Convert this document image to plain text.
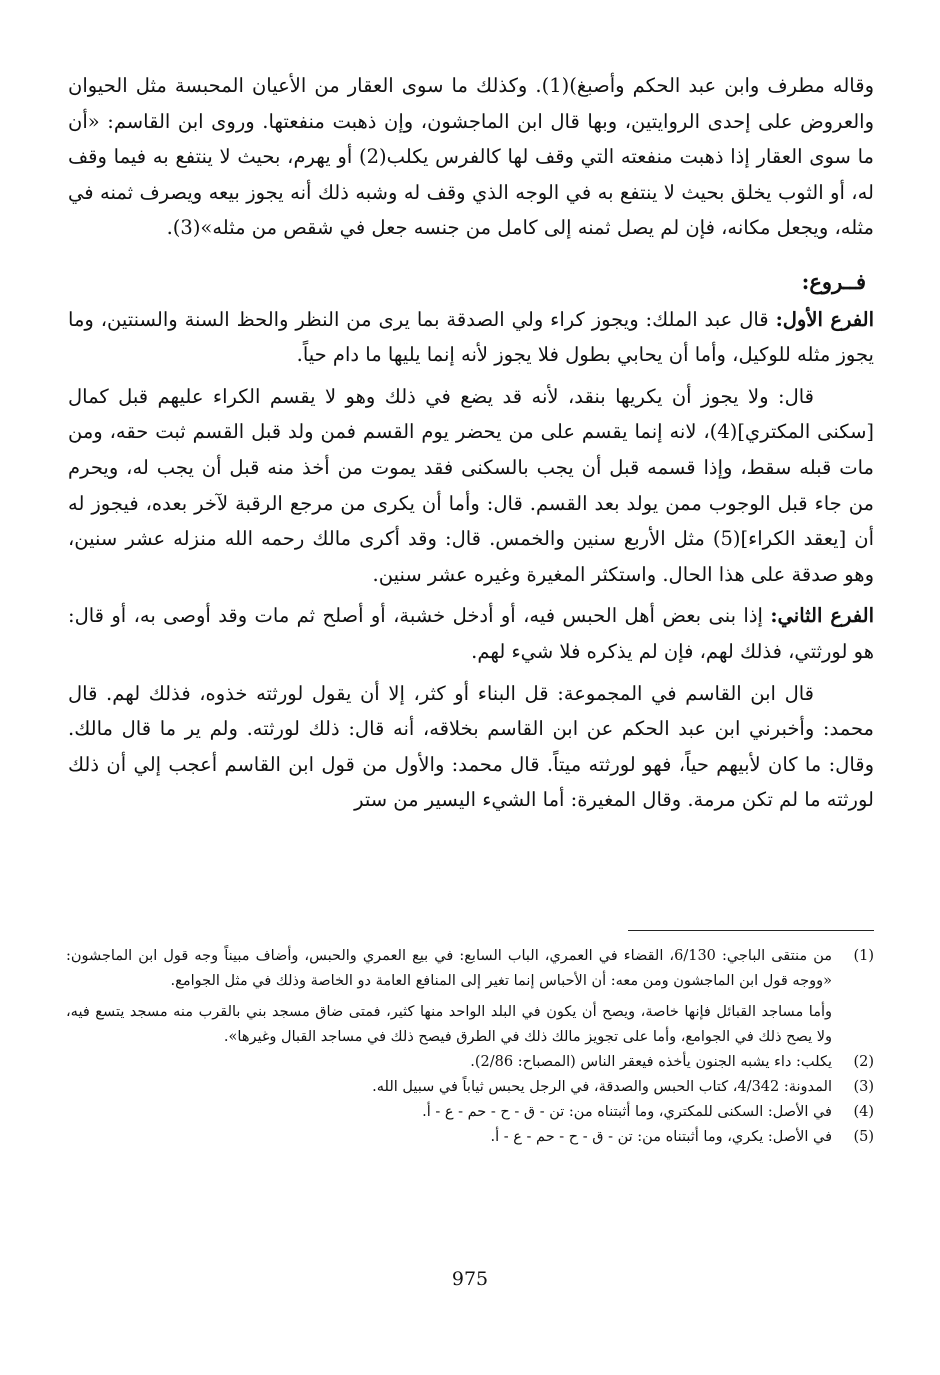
وقاله مطرف وابن عبد الحكم وأصبغ)(1). وكذلك ما سوى العقار من الأعيان المحبسة مثل الحيوان والعروض على إحدى الروايتين، وبها قال ابن الماجشون، وإن ذهبت منفعتها. وروى ابن القاسم: «أن ما سوى العقار إذا ذهبت منفعته التي وقف لها كالفرس يكلب(2) أو يهرم، بحيث لا ينتفع به فيما وقف له، أو الثوب يخلق بحيث لا ينتفع به في الوجه الذي وقف له وشبه ذلك أنه يجوز بيعه ويصرف ثمنه في مثله، ويجعل مكانه، فإن لم يصل ثمنه إلى كامل من جنسه جعل في شقص من مثله»(3).

فــروع:

الفرع الأول: قال عبد الملك: ويجوز كراء ولي الصدقة بما يرى من النظر والحظ السنة والسنتين، وما يجوز مثله للوكيل، وأما أن يحابي بطول فلا يجوز لأنه إنما يليها ما دام حياً.

قال: ولا يجوز أن يكريها بنقد، لأنه قد يضع في ذلك وهو لا يقسم الكراء عليهم قبل كمال [سكنى المكتري](4)، لانه إنما يقسم على من يحضر يوم القسم فمن ولد قبل القسم ثبت حقه، ومن مات قبله سقط، وإذا قسمه قبل أن يجب بالسكنى فقد يموت من أخذ منه قبل أن يجب له، ويحرم من جاء قبل الوجوب ممن يولد بعد القسم. قال: وأما أن يكرى من مرجع الرقبة لآخر بعده، فيجوز له أن [يعقد الكراء](5) مثل الأربع سنين والخمس. قال: وقد أكرى مالك رحمه الله منزله عشر سنين، وهو صدقة على هذا الحال. واستكثر المغيرة وغيره عشر سنين.

الفرع الثاني: إذا بنى بعض أهل الحبس فيه، أو أدخل خشبة، أو أصلح ثم مات وقد أوصى به، أو قال: هو لورثتي، فذلك لهم، فإن لم يذكره فلا شيء لهم.

قال ابن القاسم في المجموعة: قل البناء أو كثر، إلا أن يقول لورثته خذوه، فذلك لهم. قال محمد: وأخبرني ابن عبد الحكم عن ابن القاسم بخلاقه، أنه قال: ذلك لورثته. ولم ير ما قال مالك. وقال: ما كان لأبيهم حياً، فهو لورثته ميتاً. قال محمد: والأول من قول ابن القاسم أعجب إلي أن ذلك لورثته ما لم تكن مرمة. وقال المغيرة: أما الشيء اليسير من ستر

(1)
من منتقى الباجي: 6/130، القضاء في العمري، الباب السابع: في بيع العمري والحبس، وأضاف مبيناً وجه قول ابن الماجشون: «ووجه قول ابن الماجشون ومن معه: أن الأحباس إنما تغير إلى المنافع العامة دو الخاصة وذلك في مثل الجوامع.
وأما مساجد القبائل فإنها خاصة، ويصح أن يكون في البلد الواحد منها كثير، فمتى ضاق مسجد بني بالقرب منه مسجد يتسع فيه، ولا يصح ذلك في الجوامع، وأما على تجويز مالك ذلك في الطرق فيصح ذلك في مساجد القبال وغيرها».
(2)
يكلب: داء يشبه الجنون يأخذه فيعقر الناس (المصباح: 2/86).
(3)
المدونة: 4/342، كتاب الحبس والصدقة، في الرجل يحبس ثياباً في سبيل الله.
(4)
في الأصل: السكنى للمكتري، وما أثبتناه من: تن - ق - ح - حم - ع - أ.
(5)
في الأصل: يكري، وما أثبتناه من: تن - ق - ح - حم - ع - أ.
975
